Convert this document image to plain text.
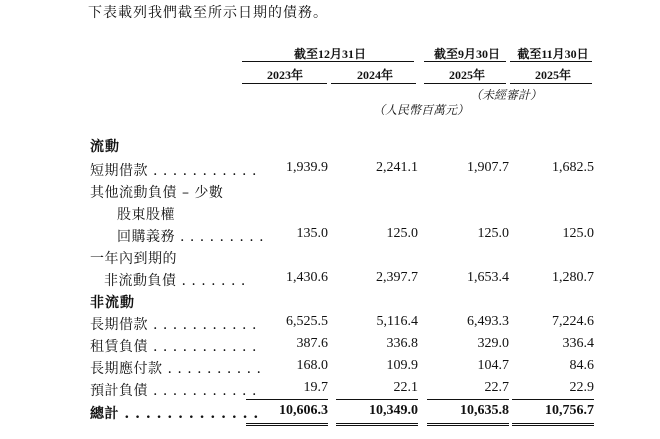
下表載列我們截至所示日期的債務。
截至12月31日	截至9月30日	截至11月30日
2023年	2024年	2025年	2025年
（未經審計）
（人民幣百萬元）
流動
短期借款 . . . . . . . . . . .	1,939.9	2,241.1	1,907.7	1,682.5
其他流動負債 – 少數
股東股權
回購義務 . . . . . . . . .	135.0	125.0	125.0	125.0
一年內到期的
非流動負債 . . . . . . .	1,430.6	2,397.7	1,653.4	1,280.7
非流動
長期借款 . . . . . . . . . . .	6,525.5	5,116.4	6,493.3	7,224.6
租賃負債 . . . . . . . . . . .	387.6	336.8	329.0	336.4
長期應付款 . . . . . . . . . .	168.0	109.9	104.7	84.6
預計負債 . . . . . . . . . . .	19.7	22.1	22.7	22.9
總計 . . . . . . . . . . . . .	10,606.3	10,349.0	10,635.8	10,756.7
